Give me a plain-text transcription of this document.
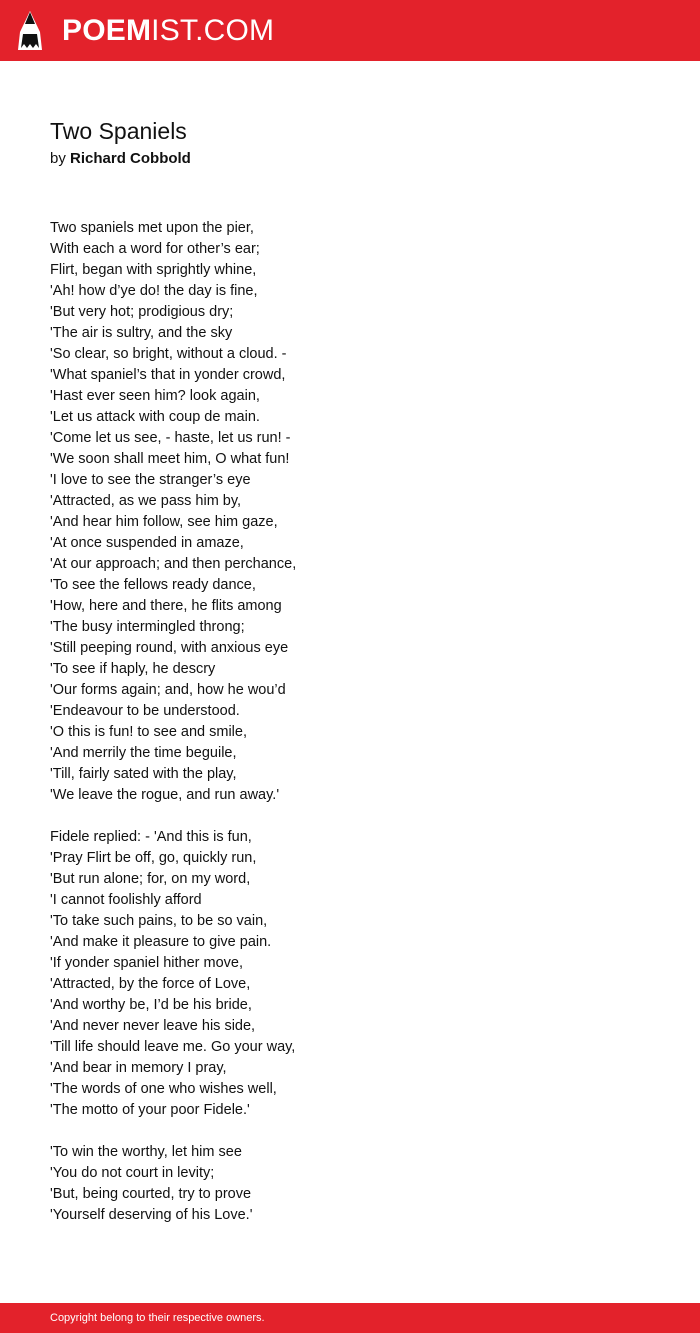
POEMIST.COM
Two Spaniels
by Richard Cobbold
Two spaniels met upon the pier,
With each a word for other’s ear;
Flirt, began with sprightly whine,
'Ah! how d’ye do! the day is fine,
'But very hot; prodigious dry;
'The air is sultry, and the sky
'So clear, so bright, without a cloud. -
'What spaniel’s that in yonder crowd,
'Hast ever seen him? look again,
'Let us attack with coup de main.
'Come let us see, - haste, let us run! -
'We soon shall meet him, O what fun!
'I love to see the stranger’s eye
'Attracted, as we pass him by,
'And hear him follow, see him gaze,
'At once suspended in amaze,
'At our approach; and then perchance,
'To see the fellows ready dance,
'How, here and there, he flits among
'The busy intermingled throng;
'Still peeping round, with anxious eye
'To see if haply, he descry
'Our forms again; and, how he wou’d
'Endeavour to be understood.
'O this is fun! to see and smile,
'And merrily the time beguile,
'Till, fairly sated with the play,
'We leave the rogue, and run away.'
Fidele replied: - 'And this is fun,
'Pray Flirt be off, go, quickly run,
'But run alone; for, on my word,
'I cannot foolishly afford
'To take such pains, to be so vain,
'And make it pleasure to give pain.
'If yonder spaniel hither move,
'Attracted, by the force of Love,
'And worthy be, I’d be his bride,
'And never never leave his side,
'Till life should leave me. Go your way,
'And bear in memory I pray,
'The words of one who wishes well,
'The motto of your poor Fidele.'
'To win the worthy, let him see
'You do not court in levity;
'But, being courted, try to prove
'Yourself deserving of his Love.'
Copyright belong to their respective owners.
